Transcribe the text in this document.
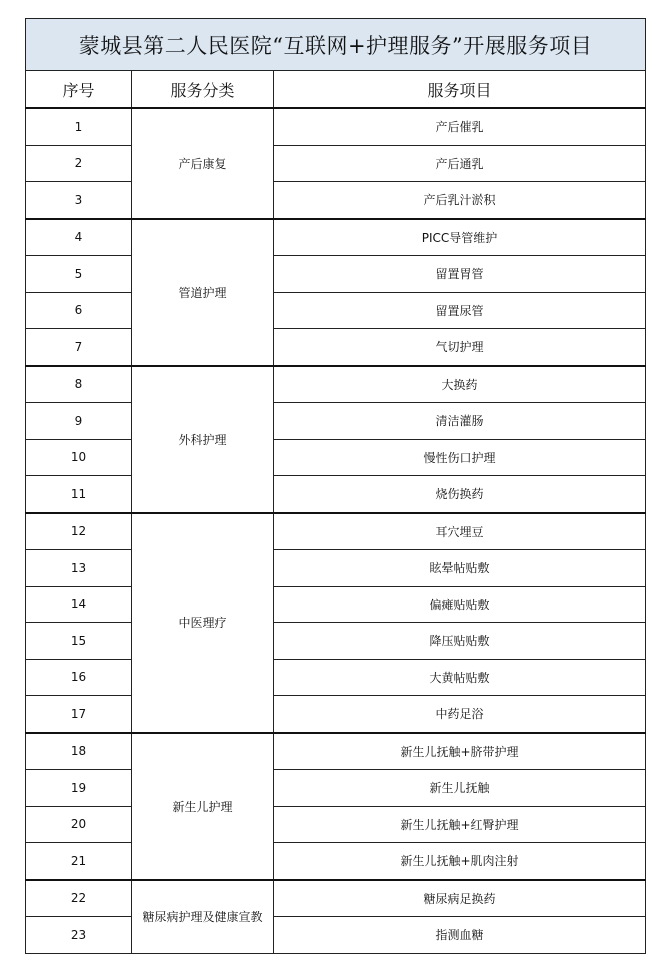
蒙城县第二人民医院“互联网+护理服务”开展服务项目		
序号	服务分类	服务项目
1	产后康复	产后催乳
2		产后通乳
3		产后乳汁淤积
4	管道护理	PICC导管维护
5		留置胃管
6		留置尿管
7		气切护理
8	外科护理	大换药
9		清洁灌肠
10		慢性伤口护理
11		烧伤换药
12	中医理疗	耳穴埋豆
13		眩晕帖贴敷
14		偏瘫贴贴敷
15		降压贴贴敷
16		大黄帖贴敷
17		中药足浴
18	新生儿护理	新生儿抚触+脐带护理
19		新生儿抚触
20		新生儿抚触+红臀护理
21		新生儿抚触+肌肉注射
22	糖尿病护理及健康宣教	糖尿病足换药
23		指测血糖
